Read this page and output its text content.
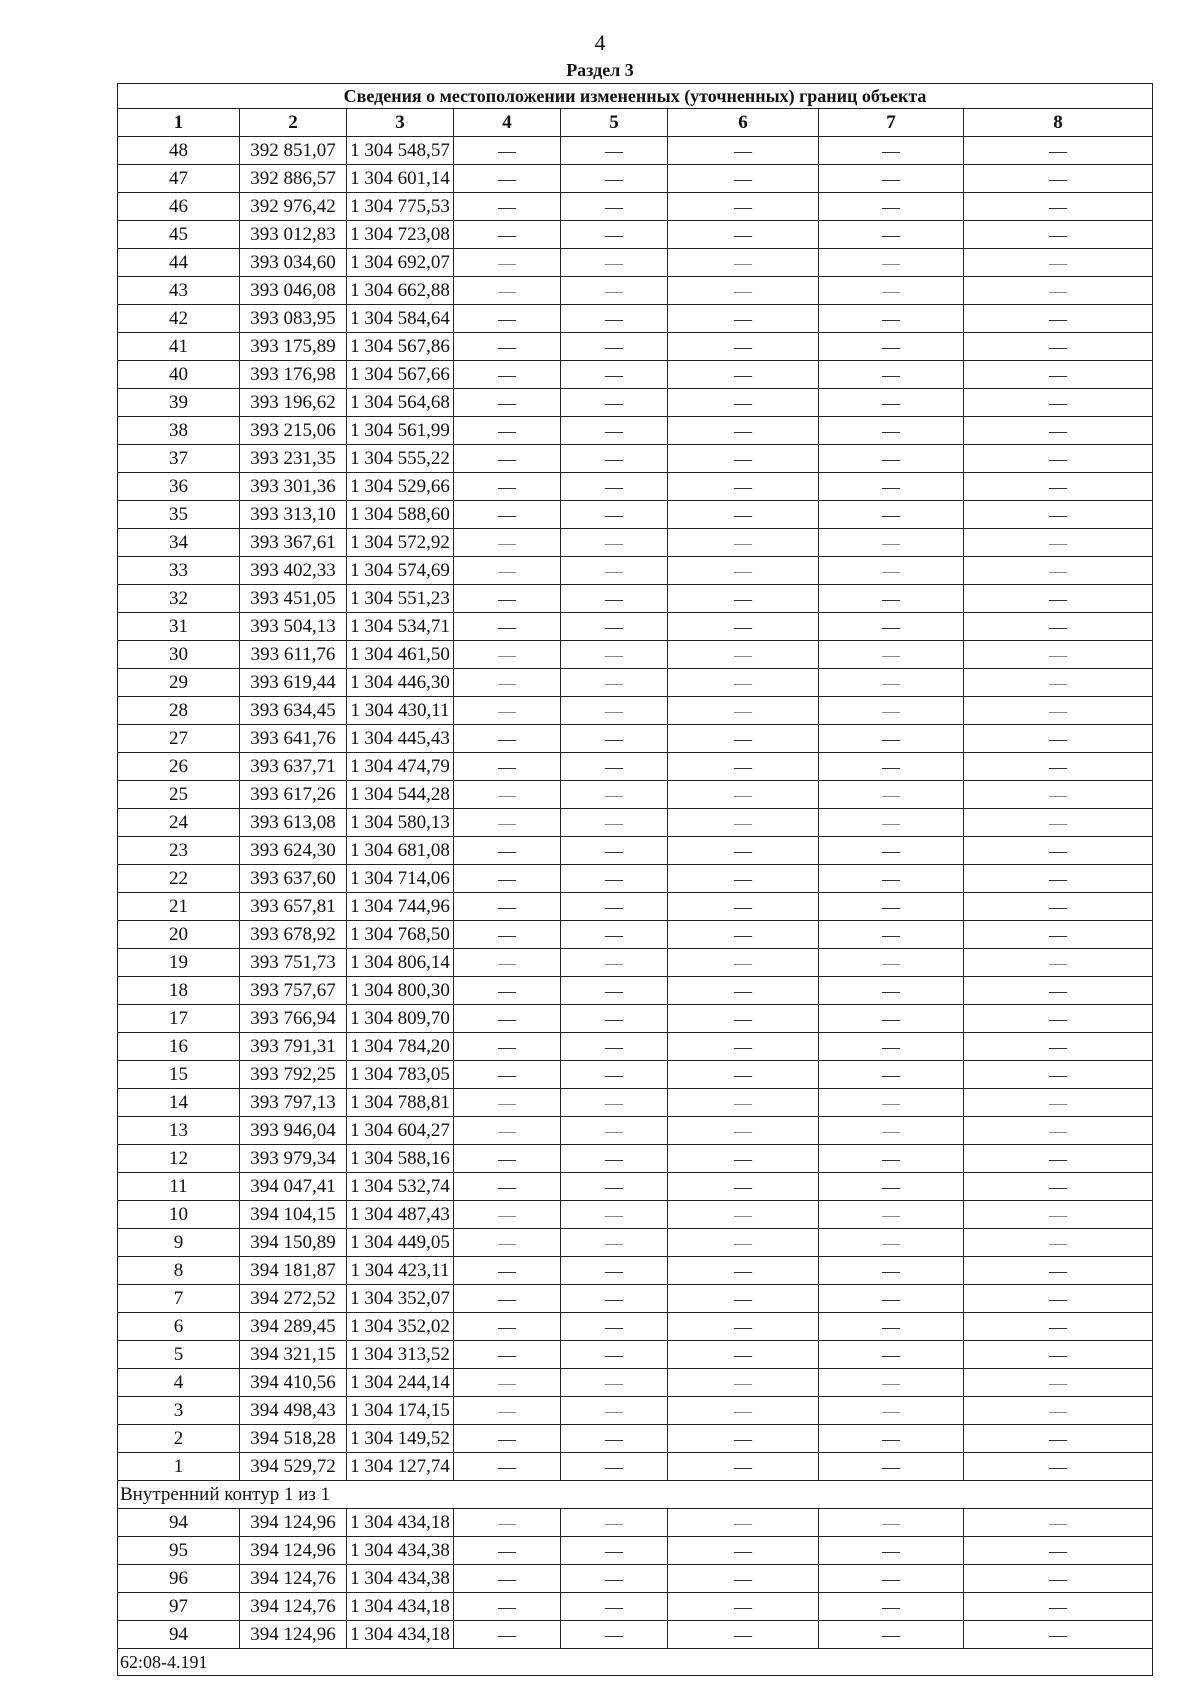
4
Раздел 3
Сведения о местоположении измененных (уточненных) границ объекта							
1	2	3	4	5	6	7	8
48	392 851,07	1 304 548,57	—	—	—	—	—
47	392 886,57	1 304 601,14	—	—	—	—	—
46	392 976,42	1 304 775,53	—	—	—	—	—
45	393 012,83	1 304 723,08	—	—	—	—	—
44	393 034,60	1 304 692,07	—	—	—	—	—
43	393 046,08	1 304 662,88	—	—	—	—	—
42	393 083,95	1 304 584,64	—	—	—	—	—
41	393 175,89	1 304 567,86	—	—	—	—	—
40	393 176,98	1 304 567,66	—	—	—	—	—
39	393 196,62	1 304 564,68	—	—	—	—	—
38	393 215,06	1 304 561,99	—	—	—	—	—
37	393 231,35	1 304 555,22	—	—	—	—	—
36	393 301,36	1 304 529,66	—	—	—	—	—
35	393 313,10	1 304 588,60	—	—	—	—	—
34	393 367,61	1 304 572,92	—	—	—	—	—
33	393 402,33	1 304 574,69	—	—	—	—	—
32	393 451,05	1 304 551,23	—	—	—	—	—
31	393 504,13	1 304 534,71	—	—	—	—	—
30	393 611,76	1 304 461,50	—	—	—	—	—
29	393 619,44	1 304 446,30	—	—	—	—	—
28	393 634,45	1 304 430,11	—	—	—	—	—
27	393 641,76	1 304 445,43	—	—	—	—	—
26	393 637,71	1 304 474,79	—	—	—	—	—
25	393 617,26	1 304 544,28	—	—	—	—	—
24	393 613,08	1 304 580,13	—	—	—	—	—
23	393 624,30	1 304 681,08	—	—	—	—	—
22	393 637,60	1 304 714,06	—	—	—	—	—
21	393 657,81	1 304 744,96	—	—	—	—	—
20	393 678,92	1 304 768,50	—	—	—	—	—
19	393 751,73	1 304 806,14	—	—	—	—	—
18	393 757,67	1 304 800,30	—	—	—	—	—
17	393 766,94	1 304 809,70	—	—	—	—	—
16	393 791,31	1 304 784,20	—	—	—	—	—
15	393 792,25	1 304 783,05	—	—	—	—	—
14	393 797,13	1 304 788,81	—	—	—	—	—
13	393 946,04	1 304 604,27	—	—	—	—	—
12	393 979,34	1 304 588,16	—	—	—	—	—
11	394 047,41	1 304 532,74	—	—	—	—	—
10	394 104,15	1 304 487,43	—	—	—	—	—
9	394 150,89	1 304 449,05	—	—	—	—	—
8	394 181,87	1 304 423,11	—	—	—	—	—
7	394 272,52	1 304 352,07	—	—	—	—	—
6	394 289,45	1 304 352,02	—	—	—	—	—
5	394 321,15	1 304 313,52	—	—	—	—	—
4	394 410,56	1 304 244,14	—	—	—	—	—
3	394 498,43	1 304 174,15	—	—	—	—	—
2	394 518,28	1 304 149,52	—	—	—	—	—
1	394 529,72	1 304 127,74	—	—	—	—	—
Внутренний контур 1 из 1							
94	394 124,96	1 304 434,18	—	—	—	—	—
95	394 124,96	1 304 434,38	—	—	—	—	—
96	394 124,76	1 304 434,38	—	—	—	—	—
97	394 124,76	1 304 434,18	—	—	—	—	—
94	394 124,96	1 304 434,18	—	—	—	—	—
62:08-4.191							
